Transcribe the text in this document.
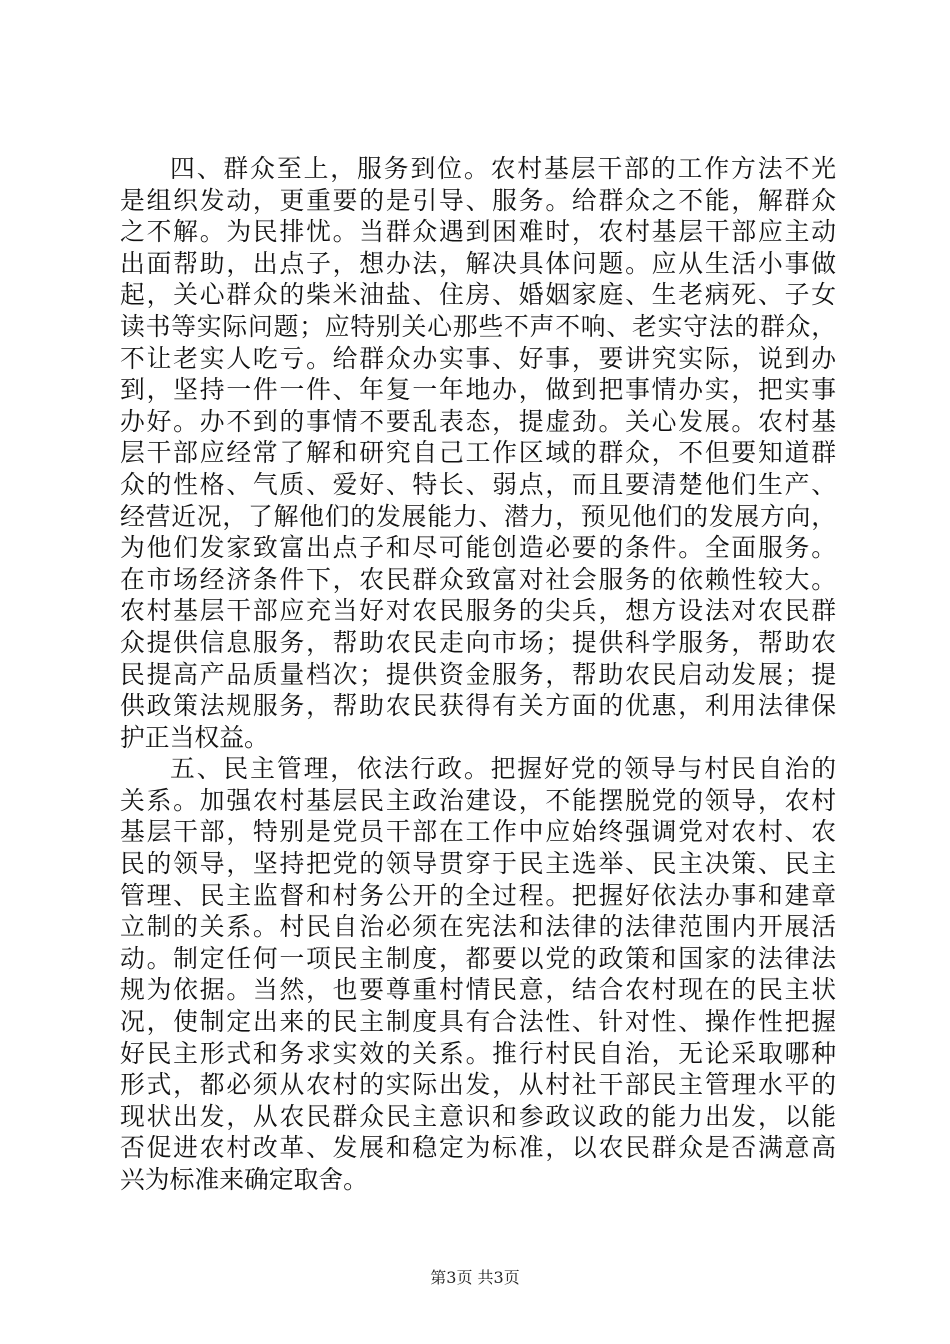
四、群众至上，服务到位。农村基层干部的工作方法不光
是组织发动，更重要的是引导、服务。给群众之不能，解群众
之不解。为民排忧。当群众遇到困难时，农村基层干部应主动
出面帮助，出点子，想办法，解决具体问题。应从生活小事做
起，关心群众的柴米油盐、住房、婚姻家庭、生老病死、子女
读书等实际问题；应特别关心那些不声不响、老实守法的群众，
不让老实人吃亏。给群众办实事、好事，要讲究实际，说到办
到，坚持一件一件、年复一年地办，做到把事情办实，把实事
办好。办不到的事情不要乱表态，提虚劲。关心发展。农村基
层干部应经常了解和研究自己工作区域的群众，不但要知道群
众的性格、气质、爱好、特长、弱点，而且要清楚他们生产、
经营近况，了解他们的发展能力、潜力，预见他们的发展方向，
为他们发家致富出点子和尽可能创造必要的条件。全面服务。
在市场经济条件下，农民群众致富对社会服务的依赖性较大。
农村基层干部应充当好对农民服务的尖兵，想方设法对农民群
众提供信息服务，帮助农民走向市场；提供科学服务，帮助农
民提高产品质量档次；提供资金服务，帮助农民启动发展；提
供政策法规服务，帮助农民获得有关方面的优惠，利用法律保
护正当权益。
五、民主管理，依法行政。把握好党的领导与村民自治的
关系。加强农村基层民主政治建设，不能摆脱党的领导，农村
基层干部，特别是党员干部在工作中应始终强调党对农村、农
民的领导，坚持把党的领导贯穿于民主选举、民主决策、民主
管理、民主监督和村务公开的全过程。把握好依法办事和建章
立制的关系。村民自治必须在宪法和法律的法律范围内开展活
动。制定任何一项民主制度，都要以党的政策和国家的法律法
规为依据。当然，也要尊重村情民意，结合农村现在的民主状
况，使制定出来的民主制度具有合法性、针对性、操作性把握
好民主形式和务求实效的关系。推行村民自治，无论采取哪种
形式，都必须从农村的实际出发，从村社干部民主管理水平的
现状出发，从农民群众民主意识和参政议政的能力出发，以能
否促进农村改革、发展和稳定为标准，以农民群众是否满意高
兴为标准来确定取舍。
第3页 共3页
